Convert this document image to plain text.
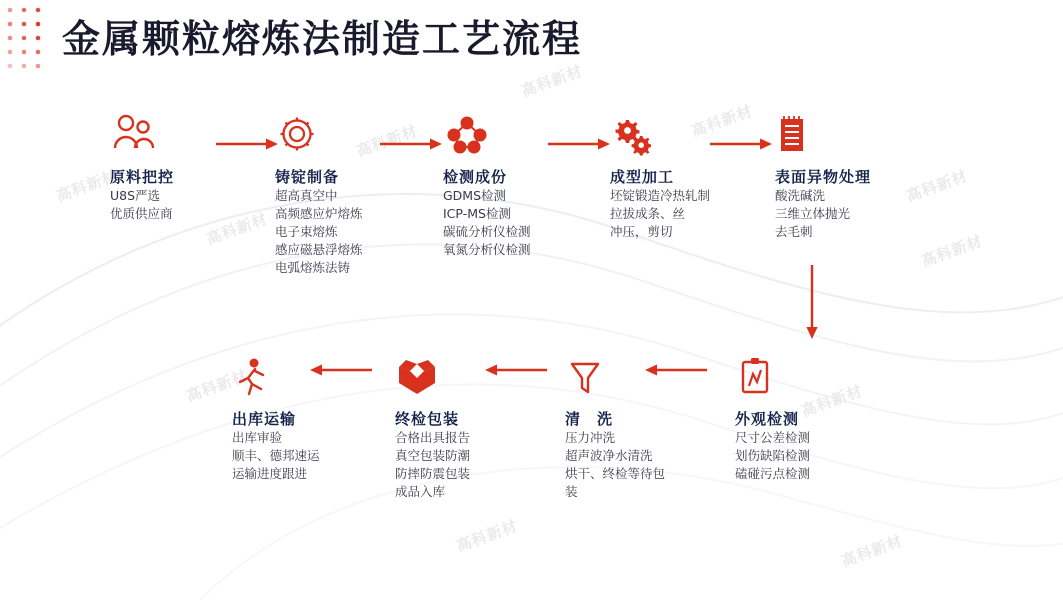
高科新材
高科新材
高科新材
高科新材
高科新材
高科新材
高科新材
高科新材	高科新材
高科新材	高科新材
金属颗粒熔炼法制造工艺流程
原料把控
U8S严选
优质供应商
铸锭制备
超高真空中
高频感应炉熔炼
电子束熔炼
感应磁悬浮熔炼
电弧熔炼法铸
检测成份
GDMS检测
ICP-MS检测
碳硫分析仪检测
氧氮分析仪检测
成型加工
坯锭锻造冷热轧制
拉拔成条、丝
冲压，剪切
表面异物处理
酸洗碱洗
三维立体抛光
去毛刺
外观检测
尺寸公差检测
划伤缺陷检测
磕碰污点检测
清　洗
压力冲洗
超声波净水清洗
烘干、终检等待包
装
终检包装
合格出具报告
真空包装防潮
防摔防震包装
成品入库
出库运输
出库审验
顺丰、德邦速运
运输进度跟进
